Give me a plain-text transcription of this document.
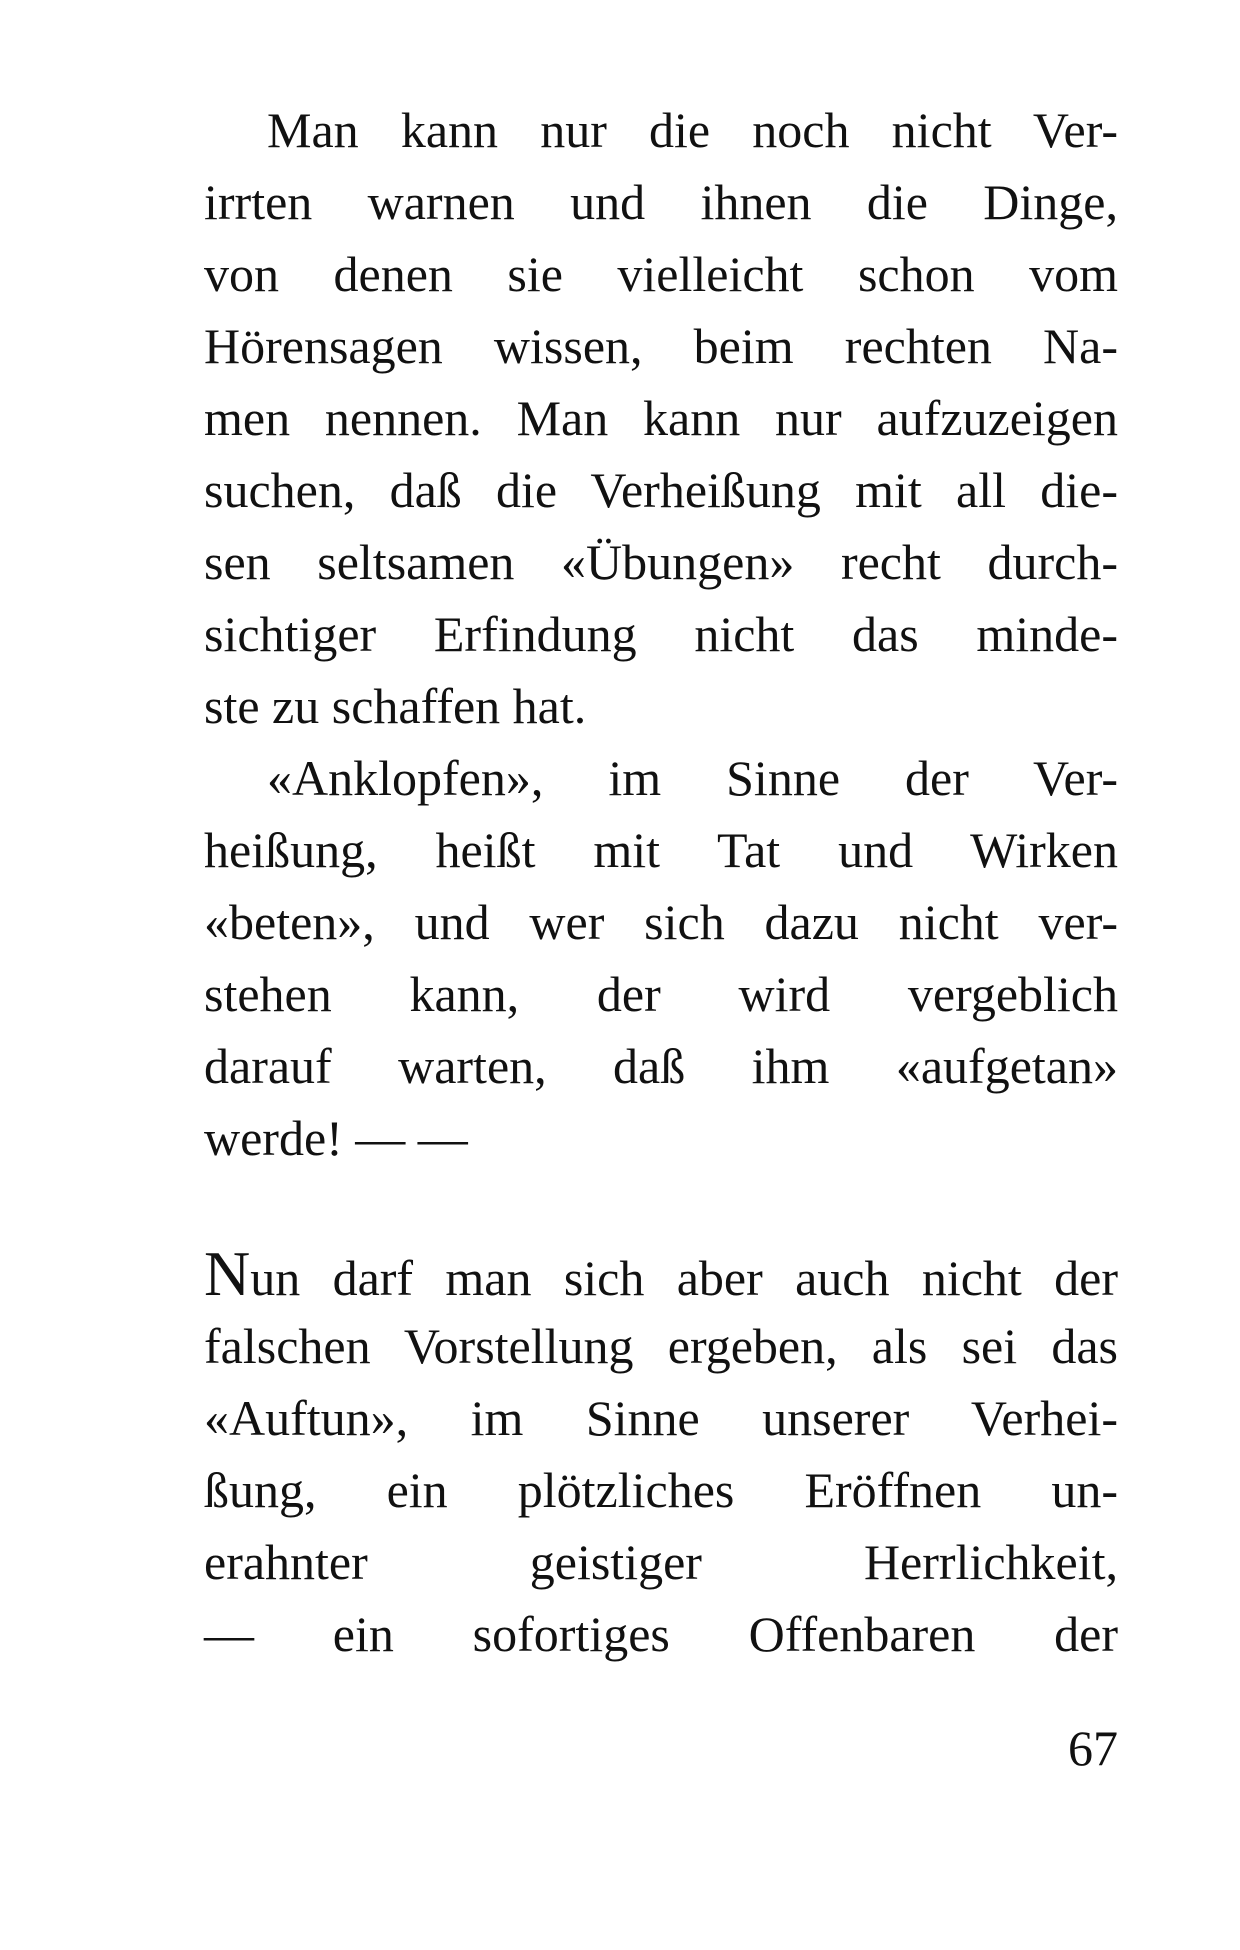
Man kann nur die noch nicht Ver-
irrten warnen und ihnen die Dinge,
von denen sie vielleicht schon vom
Hörensagen wissen, beim rechten Na-
men nennen. Man kann nur aufzuzeigen
suchen, daß die Verheißung mit all die-
sen seltsamen «Übungen» recht durch-
sichtiger Erfindung nicht das minde-
ste zu schaffen hat.
«Anklopfen», im Sinne der Ver-
heißung, heißt mit Tat und Wirken
«beten», und wer sich dazu nicht ver-
stehen kann, der wird vergeblich
darauf warten, daß ihm «aufgetan»
werde! — —
Nun darf man sich aber auch nicht der
falschen Vorstellung ergeben, als sei das
«Auftun», im Sinne unserer Verhei-
ßung, ein plötzliches Eröffnen un-
erahnter geistiger Herrlichkeit,
— ein sofortiges Offenbaren der
67
